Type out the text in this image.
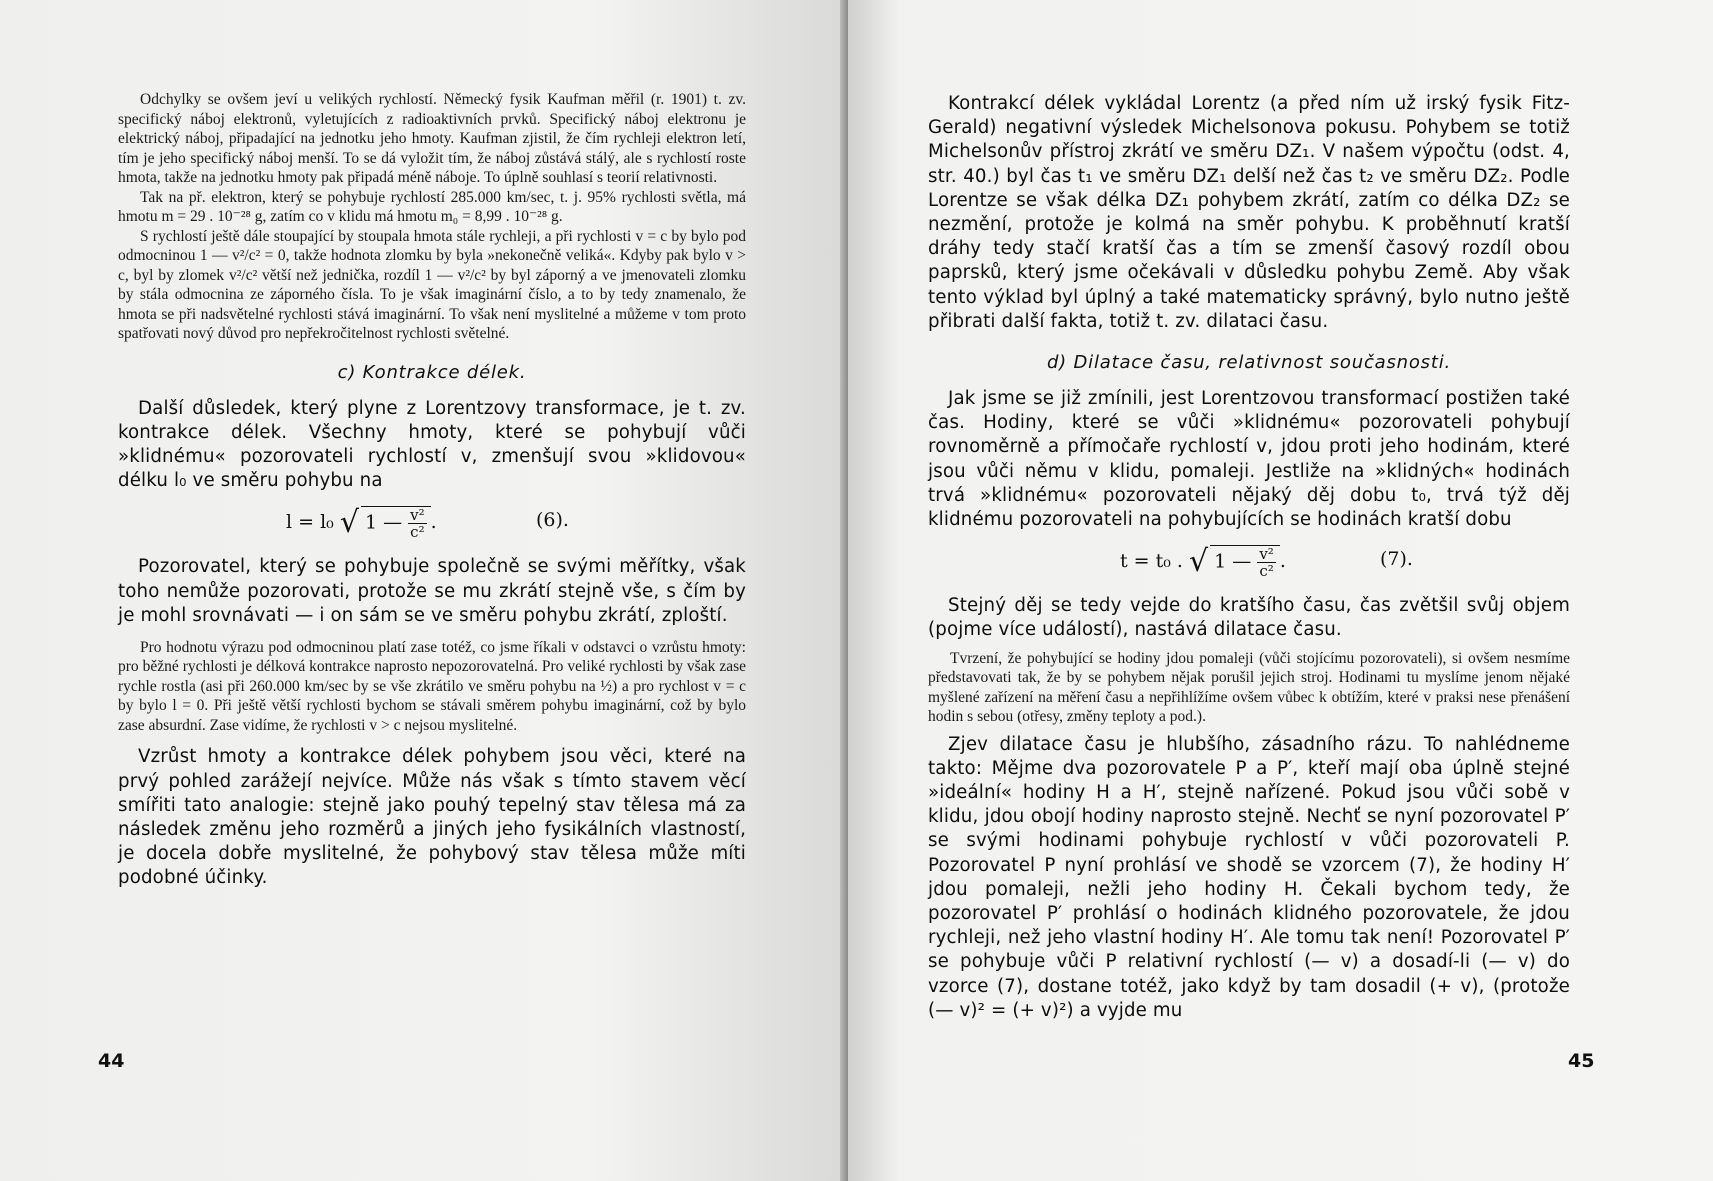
Odchylky se ovšem jeví u velikých rychlostí. Německý fysik Kaufman měřil (r. 1901) t. zv. specifický náboj elektronů, vyletujících z radioaktivních prvků. Specifický náboj elektronu je elektrický náboj, připadající na jednotku jeho hmoty. Kaufman zjistil, že čím rychleji elektron letí, tím je jeho specifický náboj menší. To se dá vyložit tím, že náboj zůstává stálý, ale s rychlostí roste hmota, takže na jednotku hmoty pak připadá méně náboje. To úplně souhlasí s teorií relativnosti.

Tak na př. elektron, který se pohybuje rychlostí 285.000 km/sec, t. j. 95% rychlosti světla, má hmotu m = 29 . 10⁻²⁸ g, zatím co v klidu má hmotu m₀ = 8,99 . 10⁻²⁸ g.

S rychlostí ještě dále stoupající by stoupala hmota stále rychleji, a při rychlosti v = c by bylo pod odmocninou 1 — v²/c² = 0, takže hodnota zlomku by byla »nekonečně veliká«. Kdyby pak bylo v > c, byl by zlomek v²/c² větší než jednička, rozdíl 1 — v²/c² by byl záporný a ve jmenovateli zlomku by stála odmocnina ze záporného čísla. To je však imaginární číslo, a to by tedy znamenalo, že hmota se při nadsvětelné rychlosti stává imaginární. To však není myslitelné a můžeme v tom proto spatřovati nový důvod pro nepřekročitelnost rychlosti světelné.

c) Kontrakce délek.

Další důsledek, který plyne z Lorentzovy transformace, je t. zv. kontrakce délek. Všechny hmoty, které se pohybují vůči »klidnému« pozorovateli rychlostí v, zmenšují svou »klidovou« délku l₀ ve směru pohybu na

l = l₀ √ 1 — $\frac{\text{v²}}{\text{c²}}$ .	(6).

Pozorovatel, který se pohybuje společně se svými měřítky, však toho nemůže pozorovati, protože se mu zkrátí stejně vše, s čím by je mohl srovnávati — i on sám se ve směru pohybu zkrátí, zploští.

Pro hodnotu výrazu pod odmocninou platí zase totéž, co jsme říkali v odstavci o vzrůstu hmoty: pro běžné rychlosti je délková kontrakce naprosto nepozorovatelná. Pro veliké rychlosti by však zase rychle rostla (asi při 260.000 km/sec by se vše zkrátilo ve směru pohybu na ½) a pro rychlost v = c by bylo l = 0. Při ještě větší rychlosti bychom se stávali směrem pohybu imaginární, což by bylo zase absurdní. Zase vidíme, že rychlosti v > c nejsou myslitelné.

Vzrůst hmoty a kontrakce délek pohybem jsou věci, které na prvý pohled zarážejí nejvíce. Může nás však s tímto stavem věcí smířiti tato analogie: stejně jako pouhý tepelný stav tělesa má za následek změnu jeho rozměrů a jiných jeho fysikálních vlastností, je docela dobře myslitelné, že pohybový stav tělesa může míti podobné účinky.

44

Kontrakcí délek vykládal Lorentz (a před ním už irský fysik Fitz-Gerald) negativní výsledek Michelsonova pokusu. Pohybem se totiž Michelsonův přístroj zkrátí ve směru DZ₁. V našem výpočtu (odst. 4, str. 40.) byl čas t₁ ve směru DZ₁ delší než čas t₂ ve směru DZ₂. Podle Lorentze se však délka DZ₁ pohybem zkrátí, zatím co délka DZ₂ se nezmění, protože je kolmá na směr pohybu. K proběhnutí kratší dráhy tedy stačí kratší čas a tím se zmenší časový rozdíl obou paprsků, který jsme očekávali v důsledku pohybu Země. Aby však tento výklad byl úplný a také matematicky správný, bylo nutno ještě přibrati další fakta, totiž t. zv. dilataci času.

d) Dilatace času, relativnost současnosti.

Jak jsme se již zmínili, jest Lorentzovou transformací postižen také čas. Hodiny, které se vůči »klidnému« pozorovateli pohybují rovnoměrně a přímočaře rychlostí v, jdou proti jeho hodinám, které jsou vůči němu v klidu, pomaleji. Jestliže na »klidných« hodinách trvá »klidnému« pozorovateli nějaký děj dobu t₀, trvá týž děj klidnému pozorovateli na pohybujících se hodinách kratší dobu

t = t₀ . √ 1 — $\frac{\text{v²}}{\text{c²}}$ .	(7).

Stejný děj se tedy vejde do kratšího času, čas zvětšil svůj objem (pojme více událostí), nastává dilatace času.

Tvrzení, že pohybující se hodiny jdou pomaleji (vůči stojícímu pozorovateli), si ovšem nesmíme představovati tak, že by se pohybem nějak porušil jejich stroj. Hodinami tu myslíme jenom nějaké myšlené zařízení na měření času a nepřihlížíme ovšem vůbec k obtížím, které v praksi nese přenášení hodin s sebou (otřesy, změny teploty a pod.).

Zjev dilatace času je hlubšího, zásadního rázu. To nahlédneme takto: Mějme dva pozorovatele P a P′, kteří mají oba úplně stejné »ideální« hodiny H a H′, stejně nařízené. Pokud jsou vůči sobě v klidu, jdou obojí hodiny naprosto stejně. Nechť se nyní pozorovatel P′ se svými hodinami pohybuje rychlostí v vůči pozorovateli P. Pozorovatel P nyní prohlásí ve shodě se vzorcem (7), že hodiny H′ jdou pomaleji, nežli jeho hodiny H. Čekali bychom tedy, že pozorovatel P′ prohlásí o hodinách klidného pozorovatele, že jdou rychleji, než jeho vlastní hodiny H′. Ale tomu tak není! Pozorovatel P′ se pohybuje vůči P relativní rychlostí (— v) a dosadí-li (— v) do vzorce (7), dostane totéž, jako když by tam dosadil (+ v), (protože (— v)² = (+ v)²) a vyjde mu

45
